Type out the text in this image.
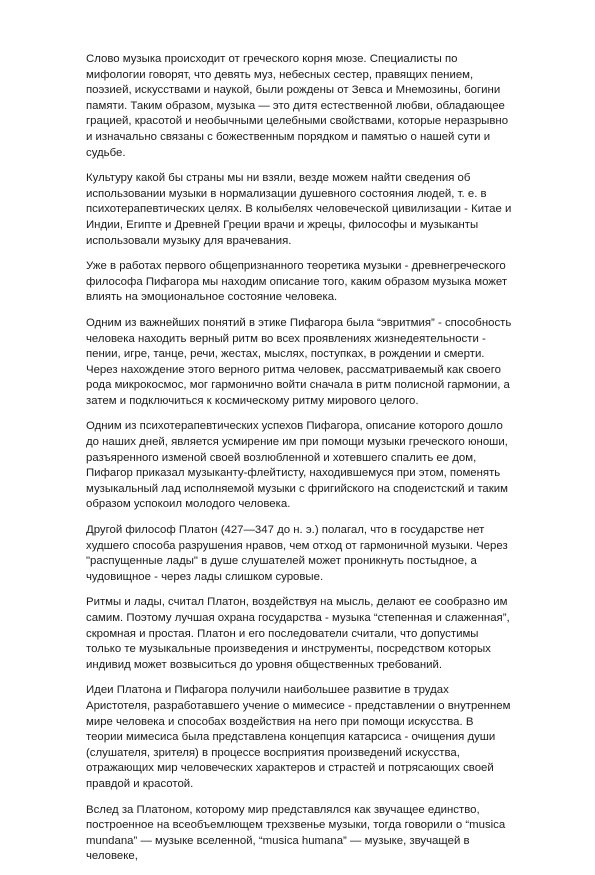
Слово музыка происходит от греческого корня мюзе. Специалисты по мифологии говорят, что девять муз, небесных сестер, правящих пением, поэзией, искусствами и наукой, были рождены от Зевса и Мнемозины, богини памяти. Таким образом, музыка — это дитя естественной любви, обладающее грацией, красотой и необычными целебными свойствами, которые неразрывно и изначально связаны с божественным порядком и памятью о нашей сути и судьбе.

Культуру какой бы страны мы ни взяли, везде можем найти сведения об использовании музыки в нормализации душевного состояния людей, т. е. в психотерапевтических целях. В колыбелях человеческой цивилизации - Китае и Индии, Египте и Древней Греции врачи и жрецы, философы и музыканты использовали музыку для врачевания.

Уже в работах первого общепризнанного теоретика музыки - древнегреческого философа Пифагора мы находим описание того, каким образом музыка может влиять на эмоциональное состояние человека.

Одним из важнейших понятий в этике Пифагора была “эвритмия” - способность человека находить верный ритм во всех проявлениях жизнедеятельности - пении, игре, танце, речи, жестах, мыслях, поступках, в рождении и смерти. Через нахождение этого верного ритма человек, рассматриваемый как своего рода микрокосмос, мог гармонично войти сначала в ритм полисной гармонии, а затем и подключиться к космическому ритму мирового целого.

Одним из психотерапевтических успехов Пифагора, описание которого дошло до наших дней, является усмирение им при помощи музыки греческого юноши, разъяренного изменой своей возлюбленной и хотевшего спалить ее дом, Пифагор приказал музыканту-флейтисту, находившемуся при этом, поменять музыкальный лад исполняемой музыки с фригийского на сподеистский и таким образом успокоил молодого человека.

Другой философ Платон (427—347 до н. э.) полагал, что в государстве нет худшего способа разрушения нравов, чем отход от гармоничной музыки. Через "распущенные лады" в душе слушателей может проникнуть постыдное, а чудовищное - через лады слишком суровые.

Ритмы и лады, считал Платон, воздействуя на мысль, делают ее сообразно им самим. Поэтому лучшая охрана государства - музыка “степенная и слаженная”, скромная и простая. Платон и его последователи считали, что допустимы только те музыкальные произведения и инструменты, посредством которых индивид может возвыситься до уровня общественных требований.

Идеи Платона и Пифагора получили наибольшее развитие в трудах Аристотеля, разработавшего учение о мимесисе - представлении о внутреннем мире человека и способах воздействия на него при помощи искусства. В теории мимесиса была представлена концепция катарсиса - очищения души (слушателя, зрителя) в процессе восприятия произведений искусства, отражающих мир человеческих характеров и страстей и потрясающих своей правдой и красотой.

Вслед за Платоном, которому мир представлялся как звучащее единство, построенное на всеобъемлющем трехзвенье музыки, тогда говорили о “musica mundana” — музыке вселенной, “musica humana” — музыке, звучащей в человеке,
